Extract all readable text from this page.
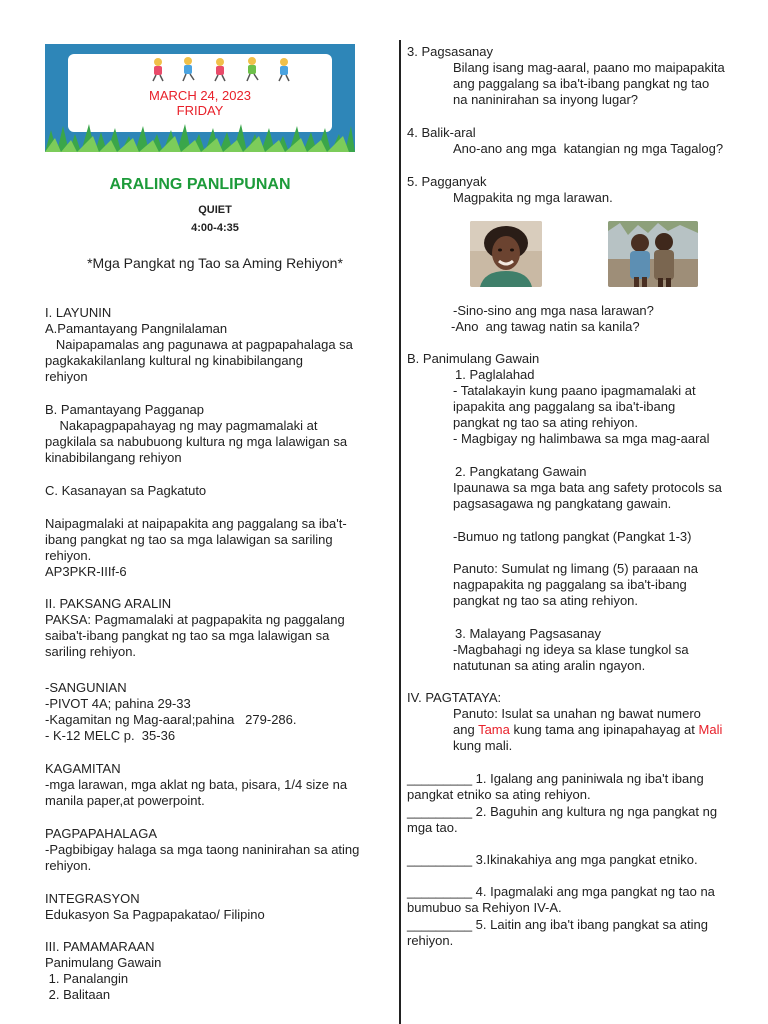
MARCH 24, 2023
FRIDAY
ARALING PANLIPUNAN
QUIET
4:00-4:35
*Mga Pangkat ng Tao sa Aming Rehiyon*
I. LAYUNIN
A.Pamantayang Pangnilalaman
Naipapamalas ang pagunawa at pagpapahalaga sa
pagkakakilanlang kultural ng kinabibilangang
rehiyon
B. Pamantayang Pagganap
Nakapagpapahayag ng may pagmamalaki at
pagkilala sa nabubuong kultura ng mga lalawigan sa
kinabibilangang rehiyon
C. Kasanayan sa Pagkatuto
Naipagmalaki at naipapakita ang paggalang sa iba't-
ibang pangkat ng tao sa mga lalawigan sa sariling
rehiyon.
AP3PKR-IIIf-6
II. PAKSANG ARALIN
PAKSA: Pagmamalaki at pagpapakita ng paggalang
saiba't-ibang pangkat ng tao sa mga lalawigan sa
sariling rehiyon.
-SANGUNIAN
-PIVOT 4A; pahina 29-33
-Kagamitan ng Mag-aaral;pahina   279-286.
- K-12 MELC p.  35-36
KAGAMITAN
-mga larawan, mga aklat ng bata, pisara, 1/4 size na
manila paper,at powerpoint.
PAGPAPAHALAGA
-Pagbibigay halaga sa mga taong naninirahan sa ating
rehiyon.
INTEGRASYON
Edukasyon Sa Pagpapakatao/ Filipino
III. PAMAMARAAN
Panimulang Gawain
1. Panalangin
2. Balitaan
3. Pagsasanay
Bilang isang mag-aaral, paano mo maipapakita
ang paggalang sa iba't-ibang pangkat ng tao
na naninirahan sa inyong lugar?
4. Balik-aral
Ano-ano ang mga  katangian ng mga Tagalog?
5. Pagganyak
Magpakita ng mga larawan.
-Sino-sino ang mga nasa larawan?
-Ano  ang tawag natin sa kanila?
B. Panimulang Gawain
1. Paglalahad
- Tatalakayin kung paano ipagmamalaki at
ipapakita ang paggalang sa iba't-ibang
pangkat ng tao sa ating rehiyon.
- Magbigay ng halimbawa sa mga mag-aaral
2. Pangkatang Gawain
Ipaunawa sa mga bata ang safety protocols sa
pagsasagawa ng pangkatang gawain.
-Bumuo ng tatlong pangkat (Pangkat 1-3)
Panuto: Sumulat ng limang (5) paraaan na
nagpapakita ng paggalang sa iba't-ibang
pangkat ng tao sa ating rehiyon.
3. Malayang Pagsasanay
-Magbahagi ng ideya sa klase tungkol sa
natutunan sa ating aralin ngayon.
IV. PAGTATAYA:
Panuto: Isulat sa unahan ng bawat numero
ang Tama kung tama ang ipinapahayag at Mali
kung mali.
_________ 1. Igalang ang paniniwala ng iba't ibang
pangkat etniko sa ating rehiyon.
_________ 2. Baguhin ang kultura ng nga pangkat ng
mga tao.
_________ 3.Ikinakahiya ang mga pangkat etniko.
_________ 4. Ipagmalaki ang mga pangkat ng tao na
bumubuo sa Rehiyon IV-A.
_________ 5. Laitin ang iba't ibang pangkat sa ating
rehiyon.
